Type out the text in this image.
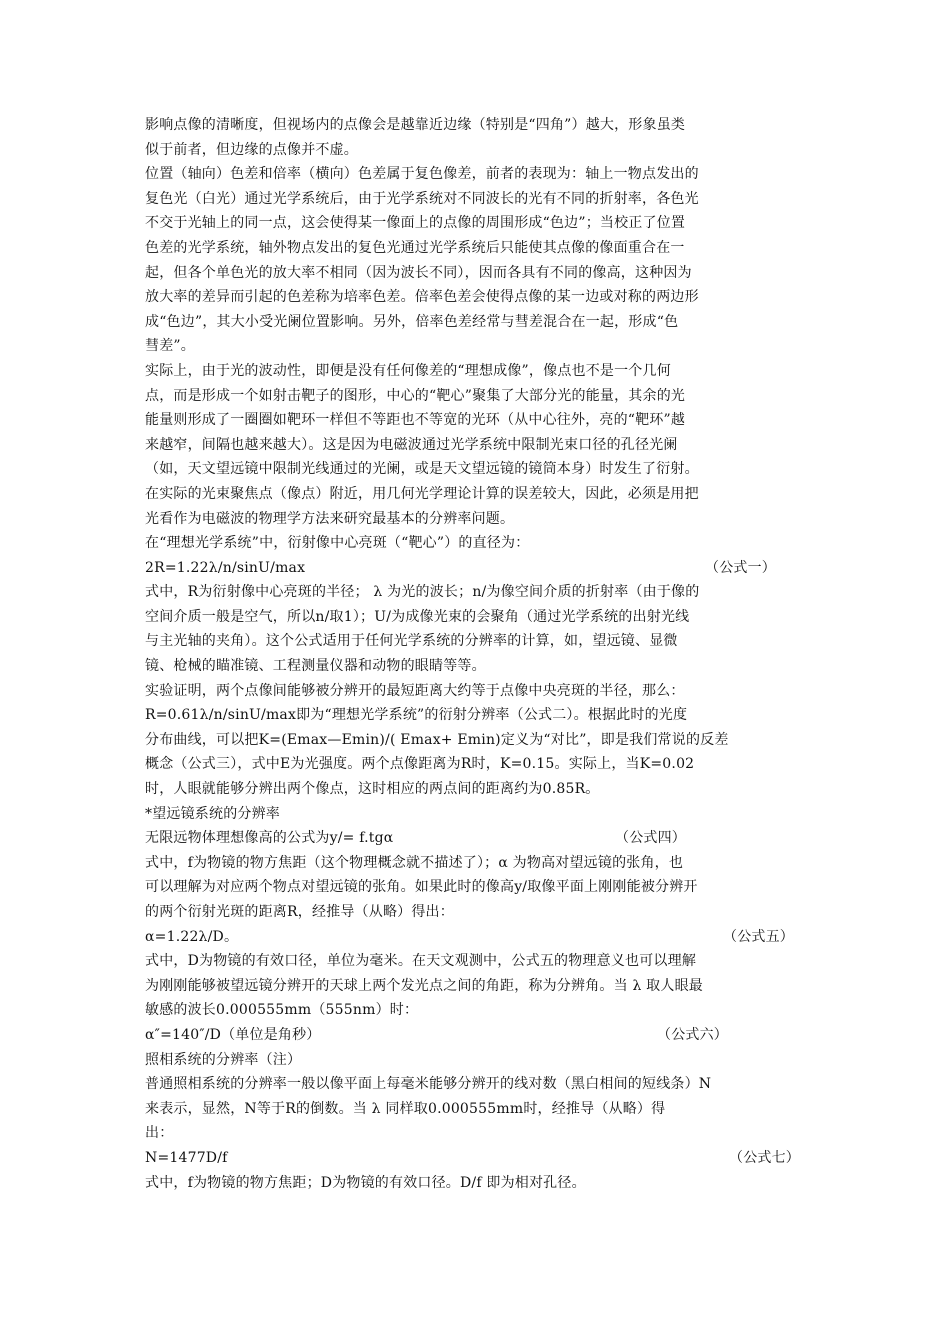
影响点像的清晰度，但视场内的点像会是越靠近边缘（特别是“四角”）越大，形象虽类
似于前者，但边缘的点像并不虚。
位置（轴向）色差和倍率（横向）色差属于复色像差，前者的表现为：轴上一物点发出的
复色光（白光）通过光学系统后，由于光学系统对不同波长的光有不同的折射率，各色光
不交于光轴上的同一点，这会使得某一像面上的点像的周围形成“色边”；当校正了位置
色差的光学系统，轴外物点发出的复色光通过光学系统后只能使其点像的像面重合在一
起，但各个单色光的放大率不相同（因为波长不同），因而各具有不同的像高，这种因为
放大率的差异而引起的色差称为培率色差。倍率色差会使得点像的某一边或对称的两边形
成“色边”，其大小受光阑位置影响。另外，倍率色差经常与彗差混合在一起，形成“色
彗差”。
实际上，由于光的波动性，即便是没有任何像差的“理想成像”，像点也不是一个几何
点，而是形成一个如射击靶子的图形，中心的“靶心”聚集了大部分光的能量，其余的光
能量则形成了一圈圈如靶环一样但不等距也不等宽的光环（从中心往外，亮的“靶环”越
来越窄，间隔也越来越大）。这是因为电磁波通过光学系统中限制光束口径的孔径光阑
（如，天文望远镜中限制光线通过的光阑，或是天文望远镜的镜筒本身）时发生了衍射。
在实际的光束聚焦点（像点）附近，用几何光学理论计算的误差较大，因此，必须是用把
光看作为电磁波的物理学方法来研究最基本的分辨率问题。
在“理想光学系统”中，衍射像中心亮斑（“靶心”）的直径为：
2R=1.22λ/n/sinU/max	（公式一）
式中，R为衍射像中心亮斑的半径； λ 为光的波长；n/为像空间介质的折射率（由于像的
空间介质一般是空气，所以n/取1）；U/为成像光束的会聚角（通过光学系统的出射光线
与主光轴的夹角）。这个公式适用于任何光学系统的分辨率的计算，如，望远镜、显微
镜、枪械的瞄准镜、工程测量仪器和动物的眼睛等等。
实验证明，两个点像间能够被分辨开的最短距离大约等于点像中央亮斑的半径，那么：
R=0.61λ/n/sinU/max即为“理想光学系统”的衍射分辨率（公式二）。根据此时的光度
分布曲线，可以把K=(Emax—Emin)/( Emax+ Emin)定义为“对比”，即是我们常说的反差
概念（公式三），式中E为光强度。两个点像距离为R时，K=0.15。实际上，当K=0.02
时，人眼就能够分辨出两个像点，这时相应的两点间的距离约为0.85R。
*望远镜系统的分辨率
无限远物体理想像高的公式为y/= f.tgα	（公式四）
式中，f为物镜的物方焦距（这个物理概念就不描述了）；α 为物高对望远镜的张角，也
可以理解为对应两个物点对望远镜的张角。如果此时的像高y/取像平面上刚刚能被分辨开
的两个衍射光斑的距离R，经推导（从略）得出：
α=1.22λ/D。	（公式五）
式中，D为物镜的有效口径，单位为毫米。在天文观测中，公式五的物理意义也可以理解
为刚刚能够被望远镜分辨开的天球上两个发光点之间的角距，称为分辨角。当 λ 取人眼最
敏感的波长0.000555mm（555nm）时：
α″=140″/D（单位是角秒）	（公式六）
照相系统的分辨率（注）
普通照相系统的分辨率一般以像平面上每毫米能够分辨开的线对数（黑白相间的短线条）N
来表示，显然，N等于R的倒数。当 λ 同样取0.000555mm时，经推导（从略）得
出：
N=1477D/f	（公式七）
式中，f为物镜的物方焦距；D为物镜的有效口径。D/f 即为相对孔径。
